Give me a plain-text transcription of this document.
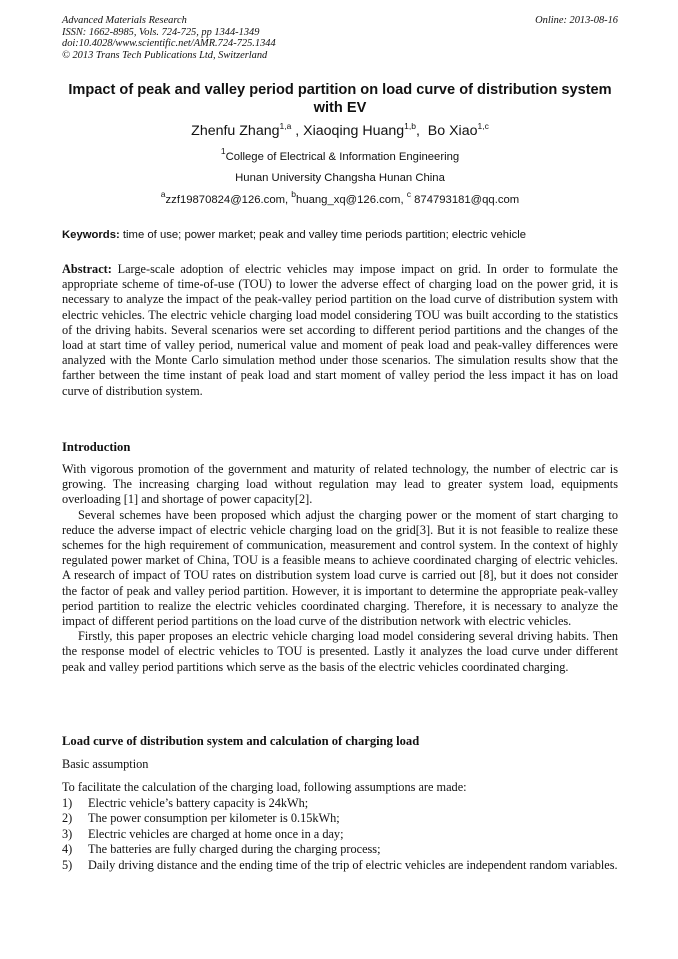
Advanced Materials Research
ISSN: 1662-8985, Vols. 724-725, pp 1344-1349
doi:10.4028/www.scientific.net/AMR.724-725.1344
© 2013 Trans Tech Publications Ltd, Switzerland
Online: 2013-08-16
Impact of peak and valley period partition on load curve of distribution system with EV
Zhenfu Zhang$^{1,a}$ , Xiaoqing Huang$^{1,b}$,  Bo Xiao$^{1,c}$
$^1$College of Electrical & Information Engineering
Hunan University Changsha Hunan China
$^a$zzf19870824@126.com, $^b$huang_xq@126.com, $^c$ 874793181@qq.com
Keywords: time of use; power market; peak and valley time periods partition; electric vehicle
Abstract: Large-scale adoption of electric vehicles may impose impact on grid. In order to formulate the appropriate scheme of time-of-use (TOU) to lower the adverse effect of charging load on the power grid, it is necessary to analyze the impact of the peak-valley period partition on the load curve of distribution system with electric vehicles. The electric vehicle charging load model considering TOU was built according to the statistics of the driving habits. Several scenarios were set according to different period partitions and the changes of the load at start time of valley period, numerical value and moment of peak load and peak-valley differences were analyzed with the Monte Carlo simulation method under those scenarios. The simulation results show that the farther between the time instant of peak load and start moment of valley period the less impact it has on load curve of distribution system.
Introduction

With vigorous promotion of the government and maturity of related technology, the number of electric car is growing. The increasing charging load without regulation may lead to greater system load, equipments overloading [1] and shortage of power capacity[2].

Several schemes have been proposed which adjust the charging power or the moment of start charging to reduce the adverse impact of electric vehicle charging load on the grid[3]. But it is not feasible to realize these schemes for the high requirement of communication, measurement and control system. In the context of highly regulated power market of China, TOU is a feasible means to achieve coordinated charging of electric vehicles. A research of impact of TOU rates on distribution system load curve is carried out [8], but it does not consider the factor of peak and valley period partition. However, it is important to determine the appropriate peak-valley period partition to realize the electric vehicles coordinated charging. Therefore, it is necessary to analyze the impact of different period partitions on the load curve of the distribution network with electric vehicles.

Firstly, this paper proposes an electric vehicle charging load model considering several driving habits. Then the response model of electric vehicles to TOU is presented. Lastly it analyzes the load curve under different peak and valley period partitions which serve as the basis of the electric vehicles coordinated charging.

Load curve of distribution system and calculation of charging load
Basic assumption
To facilitate the calculation of the charging load, following assumptions are made:
1) Electric vehicle’s battery capacity is 24kWh;
2) The power consumption per kilometer is 0.15kWh;
3) Electric vehicles are charged at home once in a day;
4) The batteries are fully charged during the charging process;
5) Daily driving distance and the ending time of the trip of electric vehicles are independent random variables.
